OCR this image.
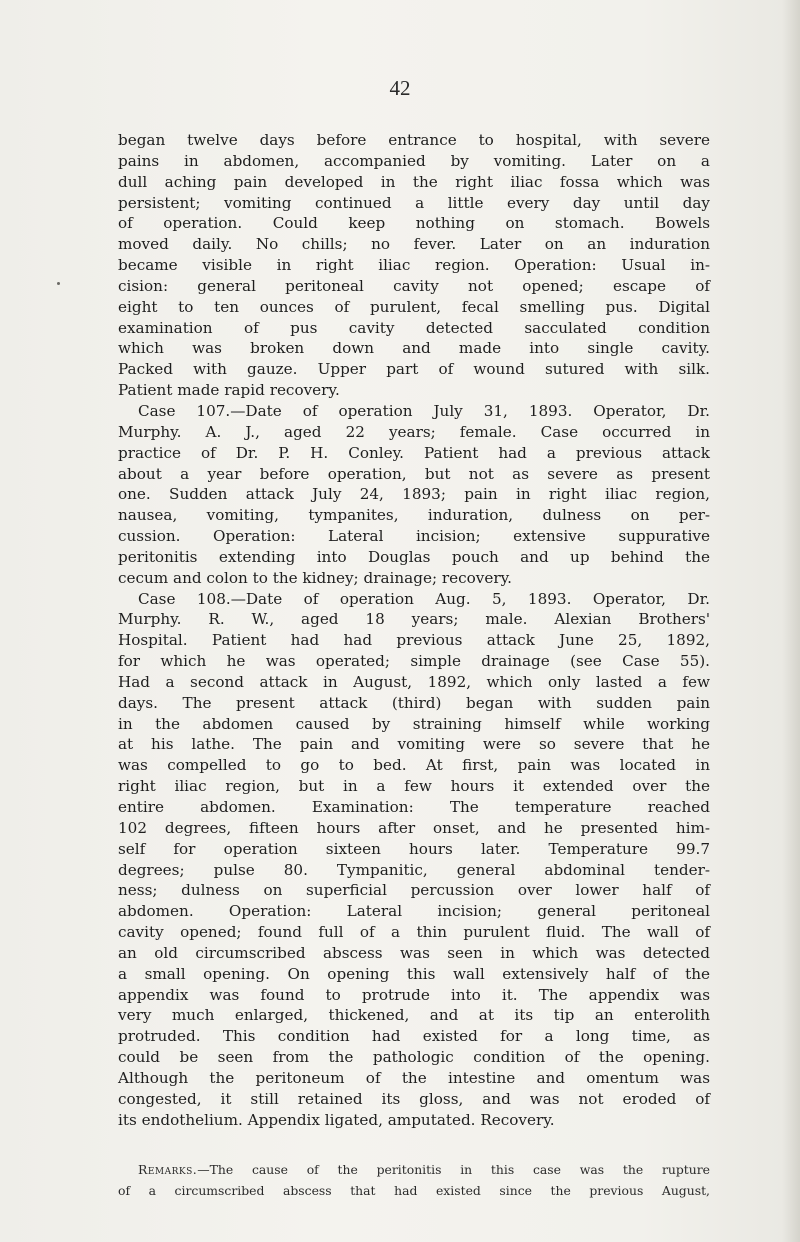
42

began twelve days before entrance to hospital, with severe

pains in abdomen, accompanied by vomiting. Later on a

dull aching pain developed in the right iliac fossa which was

persistent; vomiting continued a little every day until day

of operation. Could keep nothing on stomach. Bowels

moved daily. No chills; no fever. Later on an induration

became visible in right iliac region. Operation: Usual in-

cision: general peritoneal cavity not opened; escape of

eight to ten ounces of purulent, fecal smelling pus. Digital

examination of pus cavity detected sacculated condition

which was broken down and made into single cavity.

Packed with gauze. Upper part of wound sutured with silk.

Patient made rapid recovery.

Case 107.—Date of operation July 31, 1893. Operator, Dr.

Murphy. A. J., aged 22 years; female. Case occurred in

practice of Dr. P. H. Conley. Patient had a previous attack

about a year before operation, but not as severe as present

one. Sudden attack July 24, 1893; pain in right iliac region,

nausea, vomiting, tympanites, induration, dulness on per-

cussion. Operation: Lateral incision; extensive suppurative

peritonitis extending into Douglas pouch and up behind the

cecum and colon to the kidney; drainage; recovery.

Case 108.—Date of operation Aug. 5, 1893. Operator, Dr.

Murphy. R. W., aged 18 years; male. Alexian Brothers'

Hospital. Patient had had previous attack June 25, 1892,

for which he was operated; simple drainage (see Case 55).

Had a second attack in August, 1892, which only lasted a few

days. The present attack (third) began with sudden pain

in the abdomen caused by straining himself while working

at his lathe. The pain and vomiting were so severe that he

was compelled to go to bed. At first, pain was located in

right iliac region, but in a few hours it extended over the

entire abdomen. Examination: The temperature reached

102 degrees, fifteen hours after onset, and he presented him-

self for operation sixteen hours later. Temperature 99.7

degrees; pulse 80. Tympanitic, general abdominal tender-

ness; dulness on superficial percussion over lower half of

abdomen. Operation: Lateral incision; general peritoneal

cavity opened; found full of a thin purulent fluid. The wall of

an old circumscribed abscess was seen in which was detected

a small opening. On opening this wall extensively half of the

appendix was found to protrude into it. The appendix was

very much enlarged, thickened, and at its tip an enterolith

protruded. This condition had existed for a long time, as

could be seen from the pathologic condition of the opening.

Although the peritoneum of the intestine and omentum was

congested, it still retained its gloss, and was not eroded of

its endothelium. Appendix ligated, amputated. Recovery.

Remarks.—The cause of the peritonitis in this case was the rupture

of a circumscribed abscess that had existed since the previous August,
